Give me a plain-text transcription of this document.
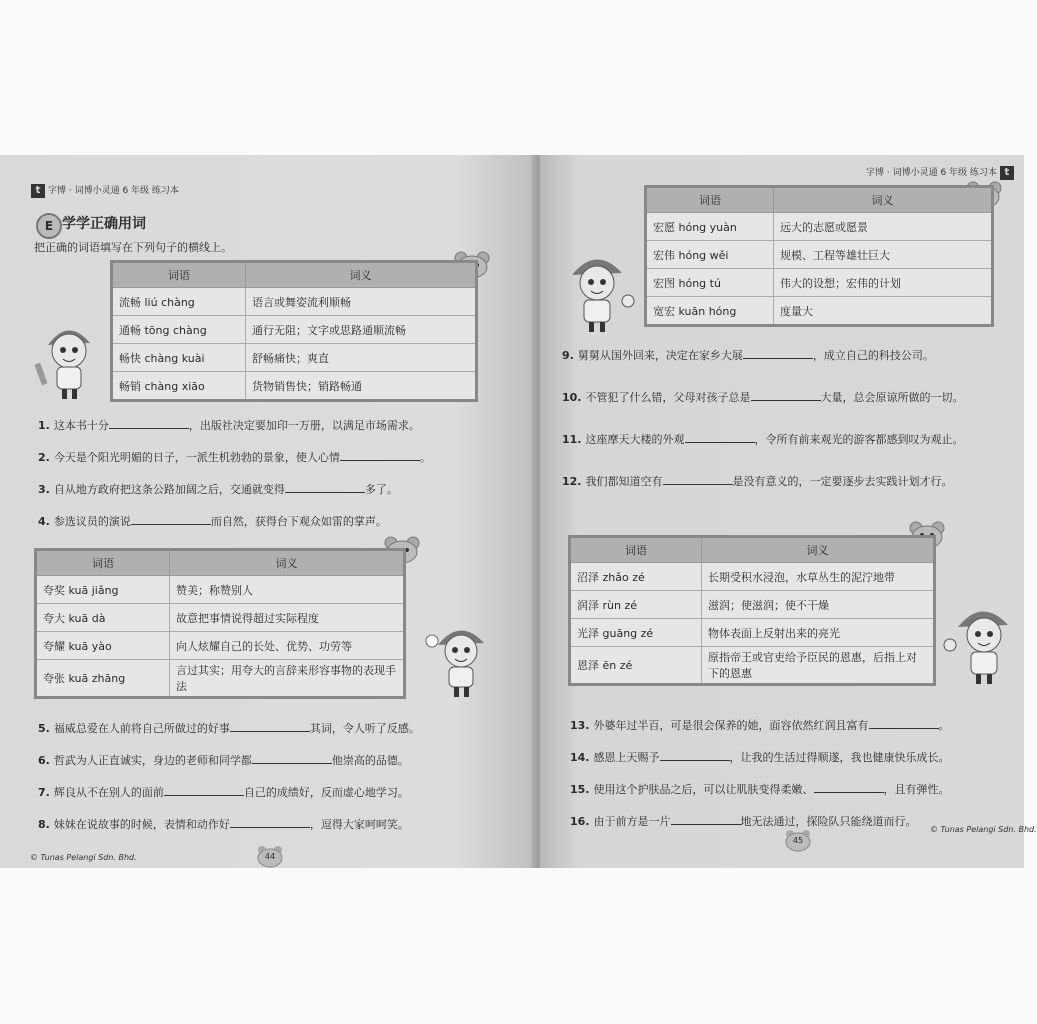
t 字博 · 词博小灵通 6 年级 练习本
E 学学正确用词
把正确的词语填写在下列句子的横线上。
词语	词义
流畅 liú chàng	语言或舞姿流利顺畅
通畅 tōng chàng	通行无阻；文字或思路通顺流畅
畅快 chàng kuài	舒畅痛快；爽直
畅销 chàng xiāo	货物销售快；销路畅通
1. 这本书十分	，出版社决定要加印一万册，以满足市场需求。
2. 今天是个阳光明媚的日子，一派生机勃勃的景象，使人心情	。
3. 自从地方政府把这条公路加阔之后，交通就变得	多了。
4. 参选议员的演说	而自然，获得台下观众如雷的掌声。
词语	词义
夸奖 kuā jiǎng	赞美；称赞别人
夸大 kuā dà	故意把事情说得超过实际程度
夸耀 kuā yào	向人炫耀自己的长处、优势、功劳等
夸张 kuā zhāng	言过其实；用夸大的言辞来形容事物的表现手法
5. 福威总爱在人前将自己所做过的好事	其词，令人听了反感。
6. 哲武为人正直诚实，身边的老师和同学都	他崇高的品德。
7. 辉良从不在别人的面前	自己的成绩好，反而虚心地学习。
8. 妹妹在说故事的时候，表情和动作好	，逗得大家呵呵笑。
© Tunas Pelangi Sdn. Bhd.	44
字博 · 词博小灵通 6 年级 练习本 t
词语	词义
宏愿 hóng yuàn	远大的志愿或愿景
宏伟 hóng wěi	规模、工程等雄壮巨大
宏图 hóng tú	伟大的设想；宏伟的计划
宽宏 kuān hóng	度量大
9. 舅舅从国外回来，决定在家乡大展	，成立自己的科技公司。
10. 不管犯了什么错，父母对孩子总是	大量，总会原谅所做的一切。
11. 这座摩天大楼的外观	，令所有前来观光的游客都感到叹为观止。
12. 我们都知道空有	是没有意义的，一定要逐步去实践计划才行。
词语	词义
沼泽 zhǎo zé	长期受积水浸泡，水草丛生的泥泞地带
润泽 rùn zé	滋润；使滋润；使不干燥
光泽 guāng zé	物体表面上反射出来的亮光
恩泽 ēn zé	原指帝王或官吏给予臣民的恩惠，后指上对下的恩惠
13. 外婆年过半百，可是很会保养的她，面容依然红润且富有	。
14. 感恩上天赐予	，让我的生活过得顺遂，我也健康快乐成长。
15. 使用这个护肤品之后，可以让肌肤变得柔嫩、	，且有弹性。
16. 由于前方是一片	地无法通过，探险队只能绕道而行。
45
© Tunas Pelangi Sdn. Bhd.
